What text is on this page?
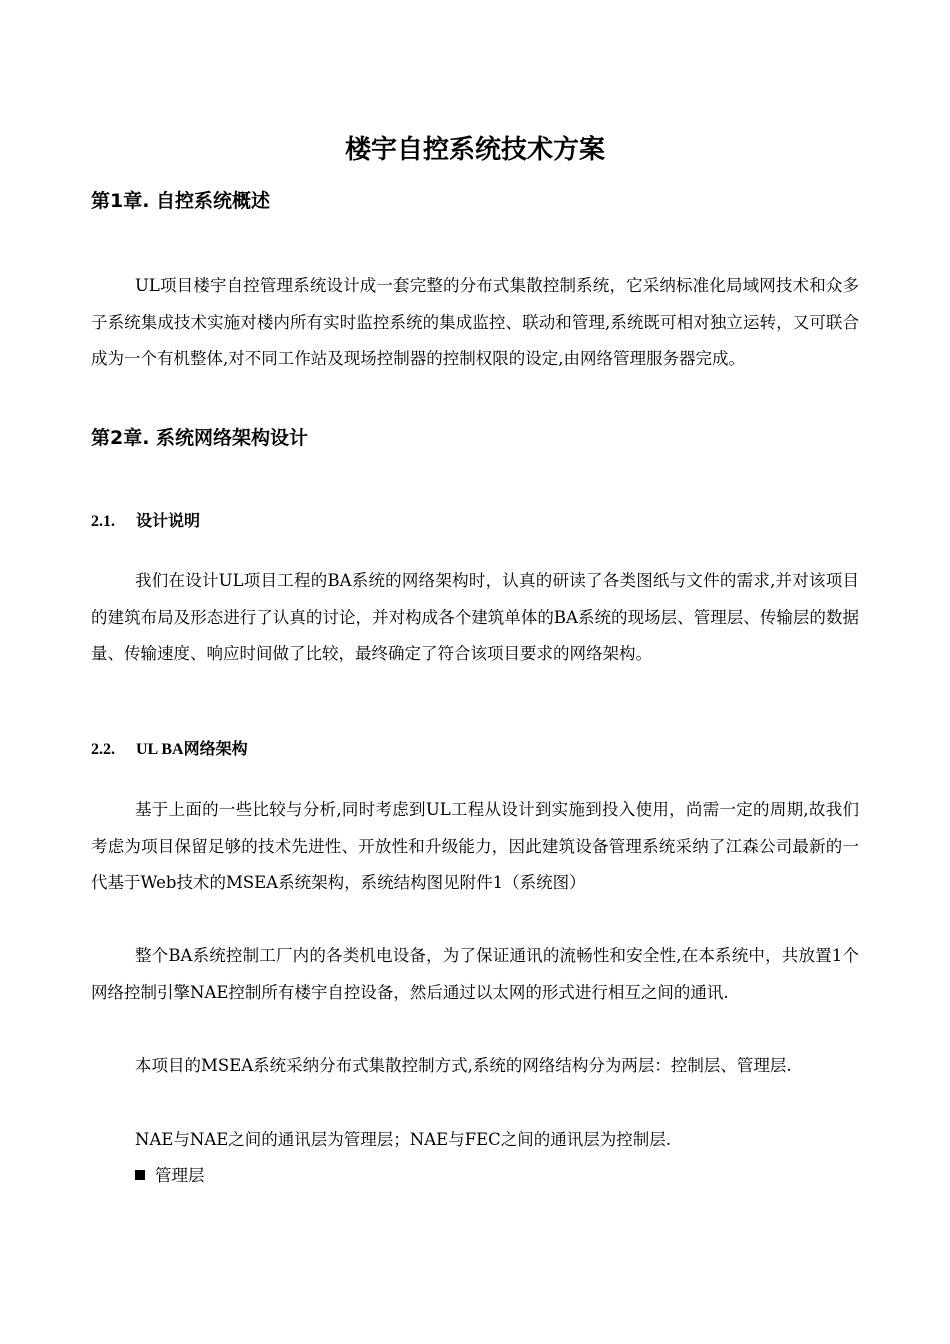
楼宇自控系统技术方案
第1章. 自控系统概述
UL项目楼宇自控管理系统设计成一套完整的分布式集散控制系统，它采纳标准化局域网技术和众多子系统集成技术实施对楼内所有实时监控系统的集成监控、联动和管理,系统既可相对独立运转，又可联合成为一个有机整体,对不同工作站及现场控制器的控制权限的设定,由网络管理服务器完成。
第2章. 系统网络架构设计
2.1. 设计说明
我们在设计UL项目工程的BA系统的网络架构时，认真的研读了各类图纸与文件的需求,并对该项目的建筑布局及形态进行了认真的讨论，并对构成各个建筑单体的BA系统的现场层、管理层、传输层的数据量、传输速度、响应时间做了比较，最终确定了符合该项目要求的网络架构。
2.2. UL BA网络架构
基于上面的一些比较与分析,同时考虑到UL工程从设计到实施到投入使用，尚需一定的周期,故我们考虑为项目保留足够的技术先进性、开放性和升级能力，因此建筑设备管理系统采纳了江森公司最新的一代基于Web技术的MSEA系统架构，系统结构图见附件1（系统图）
整个BA系统控制工厂内的各类机电设备，为了保证通讯的流畅性和安全性,在本系统中，共放置1个网络控制引擎NAE控制所有楼宇自控设备，然后通过以太网的形式进行相互之间的通讯.
本项目的MSEA系统采纳分布式集散控制方式,系统的网络结构分为两层：控制层、管理层.
NAE与NAE之间的通讯层为管理层；NAE与FEC之间的通讯层为控制层.
管理层
